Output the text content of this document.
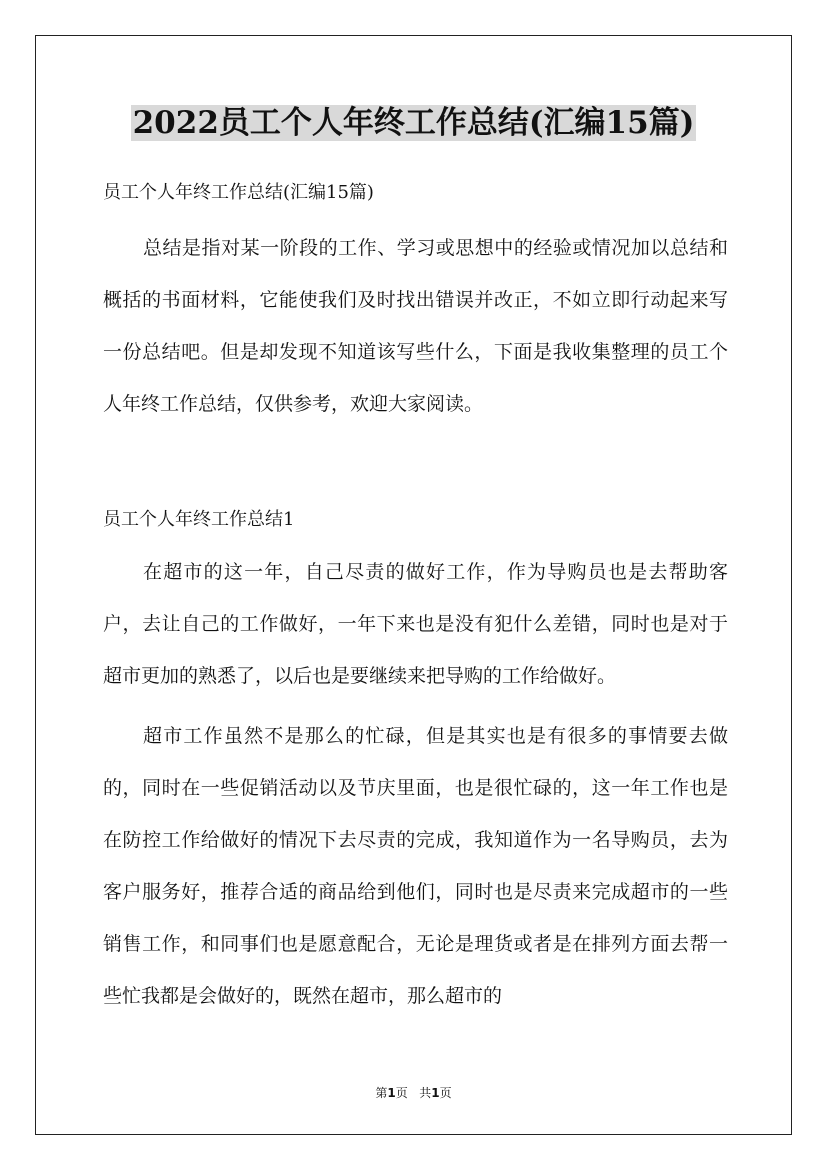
2022员工个人年终工作总结(汇编15篇)

员工个人年终工作总结(汇编15篇)

总结是指对某一阶段的工作、学习或思想中的经验或情况加以总结和概括的书面材料，它能使我们及时找出错误并改正，不如立即行动起来写一份总结吧。但是却发现不知道该写些什么，下面是我收集整理的员工个人年终工作总结，仅供参考，欢迎大家阅读。

员工个人年终工作总结1

在超市的这一年，自己尽责的做好工作，作为导购员也是去帮助客户，去让自己的工作做好，一年下来也是没有犯什么差错，同时也是对于超市更加的熟悉了，以后也是要继续来把导购的工作给做好。

超市工作虽然不是那么的忙碌，但是其实也是有很多的事情要去做的，同时在一些促销活动以及节庆里面，也是很忙碌的，这一年工作也是在防控工作给做好的情况下去尽责的完成，我知道作为一名导购员，去为客户服务好，推荐合适的商品给到他们，同时也是尽责来完成超市的一些销售工作，和同事们也是愿意配合，无论是理货或者是在排列方面去帮一些忙我都是会做好的，既然在超市，那么超市的

第1页   共1页
